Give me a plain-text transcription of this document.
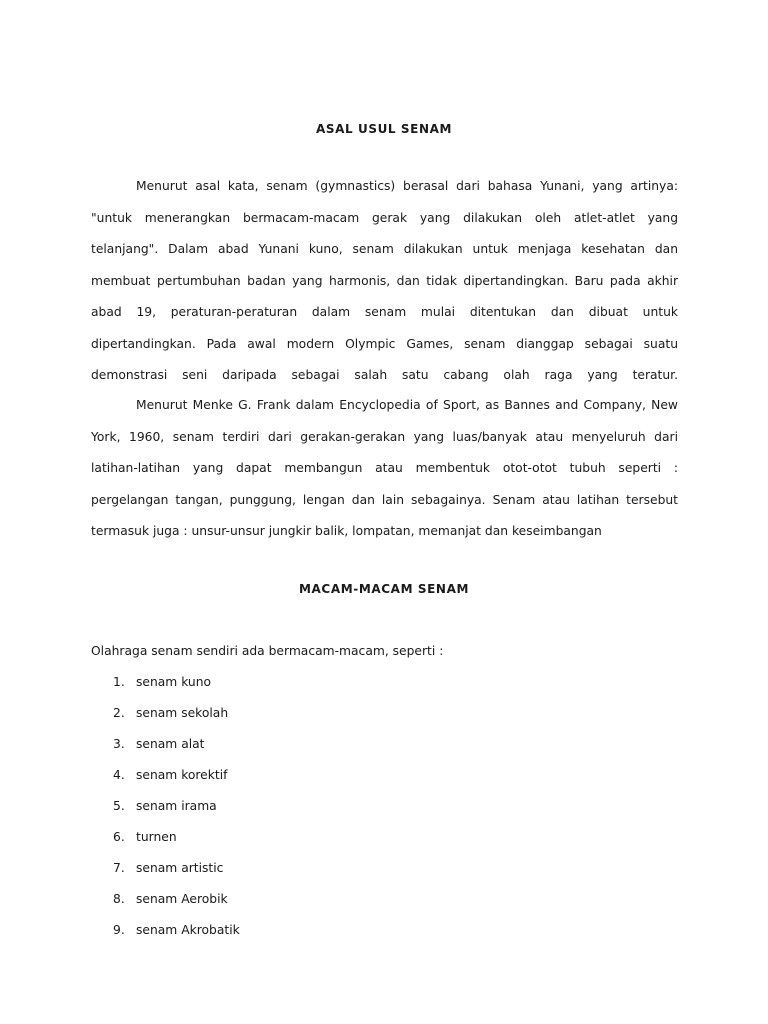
ASAL USUL SENAM
Menurut asal kata, senam (gymnastics) berasal dari bahasa Yunani, yang artinya:
"untuk menerangkan bermacam-macam gerak yang dilakukan oleh atlet-atlet yang
telanjang". Dalam abad Yunani kuno, senam dilakukan untuk menjaga kesehatan dan
membuat pertumbuhan badan yang harmonis, dan tidak dipertandingkan. Baru pada akhir
abad 19, peraturan-peraturan dalam senam mulai ditentukan dan dibuat untuk
dipertandingkan. Pada awal modern Olympic Games, senam dianggap sebagai suatu
demonstrasi seni daripada sebagai salah satu cabang olah raga yang teratur.
Menurut Menke G. Frank dalam Encyclopedia of Sport, as Bannes and Company, New
York, 1960, senam terdiri dari gerakan-gerakan yang luas/banyak atau menyeluruh dari
latihan-latihan yang dapat membangun atau membentuk otot-otot tubuh seperti :
pergelangan tangan, punggung, lengan dan lain sebagainya. Senam atau latihan tersebut
termasuk juga : unsur-unsur jungkir balik, lompatan, memanjat dan keseimbangan
MACAM-MACAM SENAM

Olahraga senam sendiri ada bermacam-macam, seperti :

1. senam kuno
2. senam sekolah
3. senam alat
4. senam korektif
5. senam irama
6. turnen
7. senam artistic
8. senam Aerobik
9. senam Akrobatik
